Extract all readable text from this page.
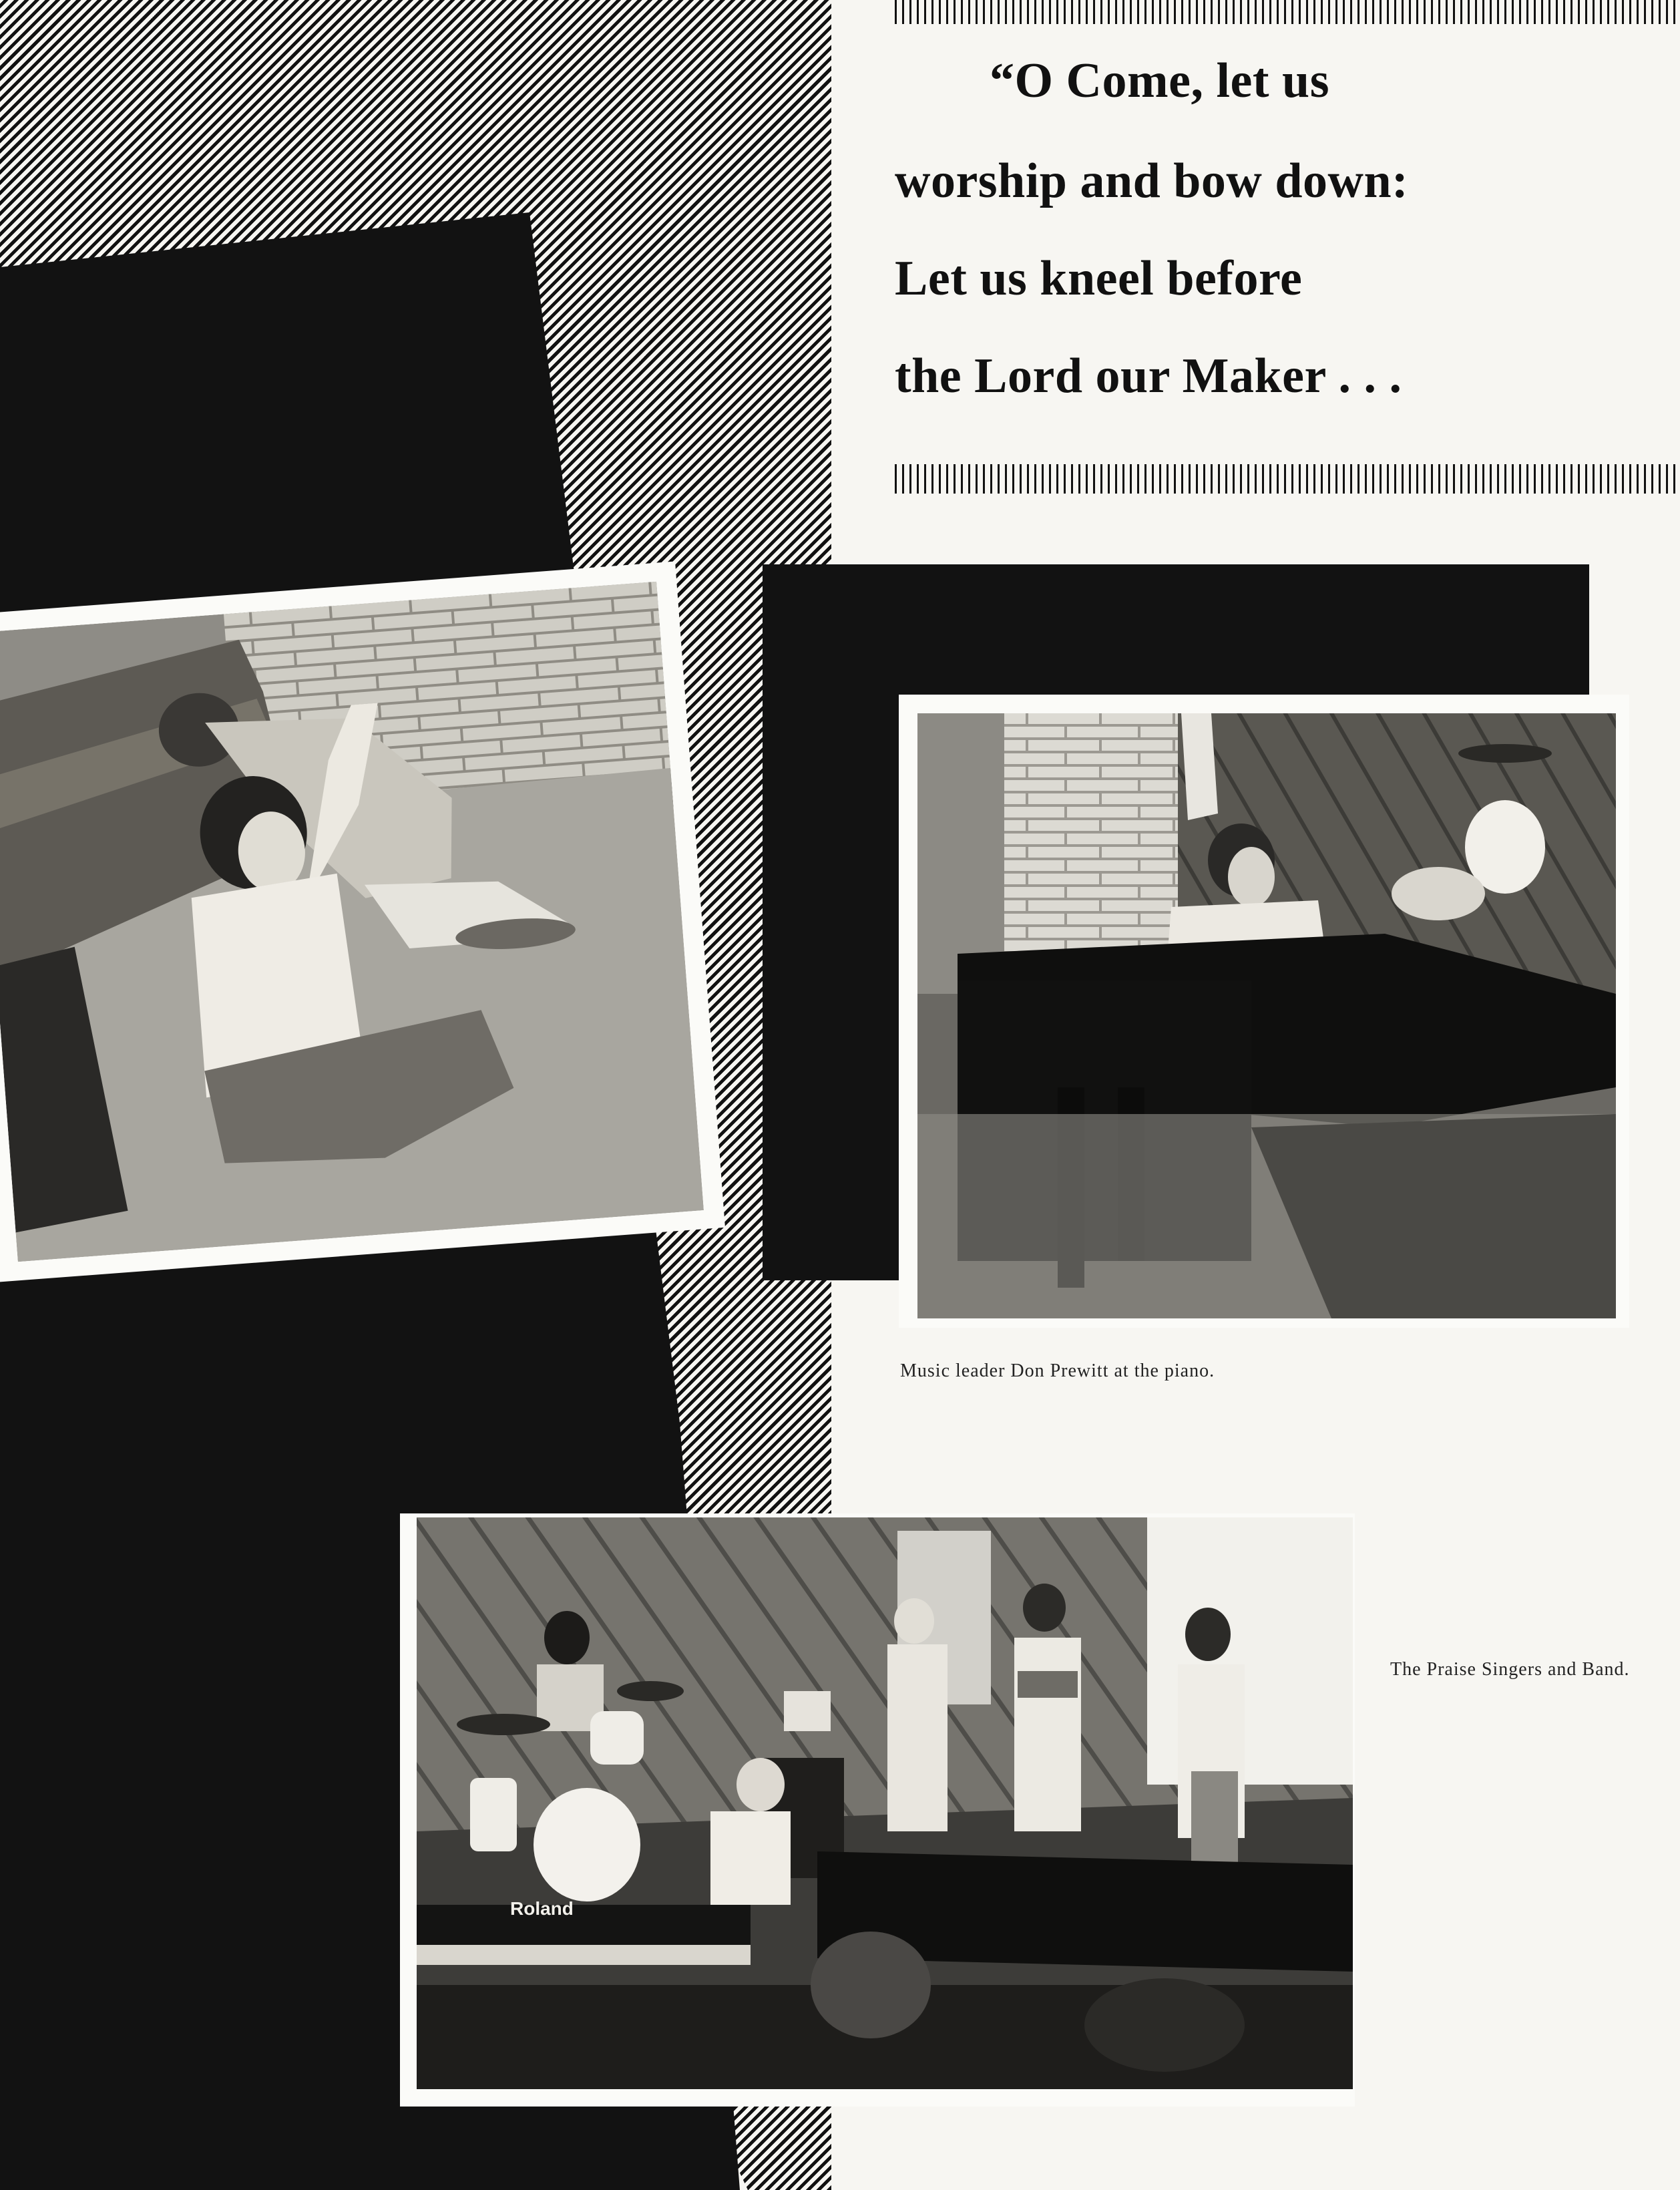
“O Come, let us
worship and bow down:
Let us kneel before
the Lord our Maker . . .
Music leader Don Prewitt at the piano.
Roland
The Praise Singers and Band.
